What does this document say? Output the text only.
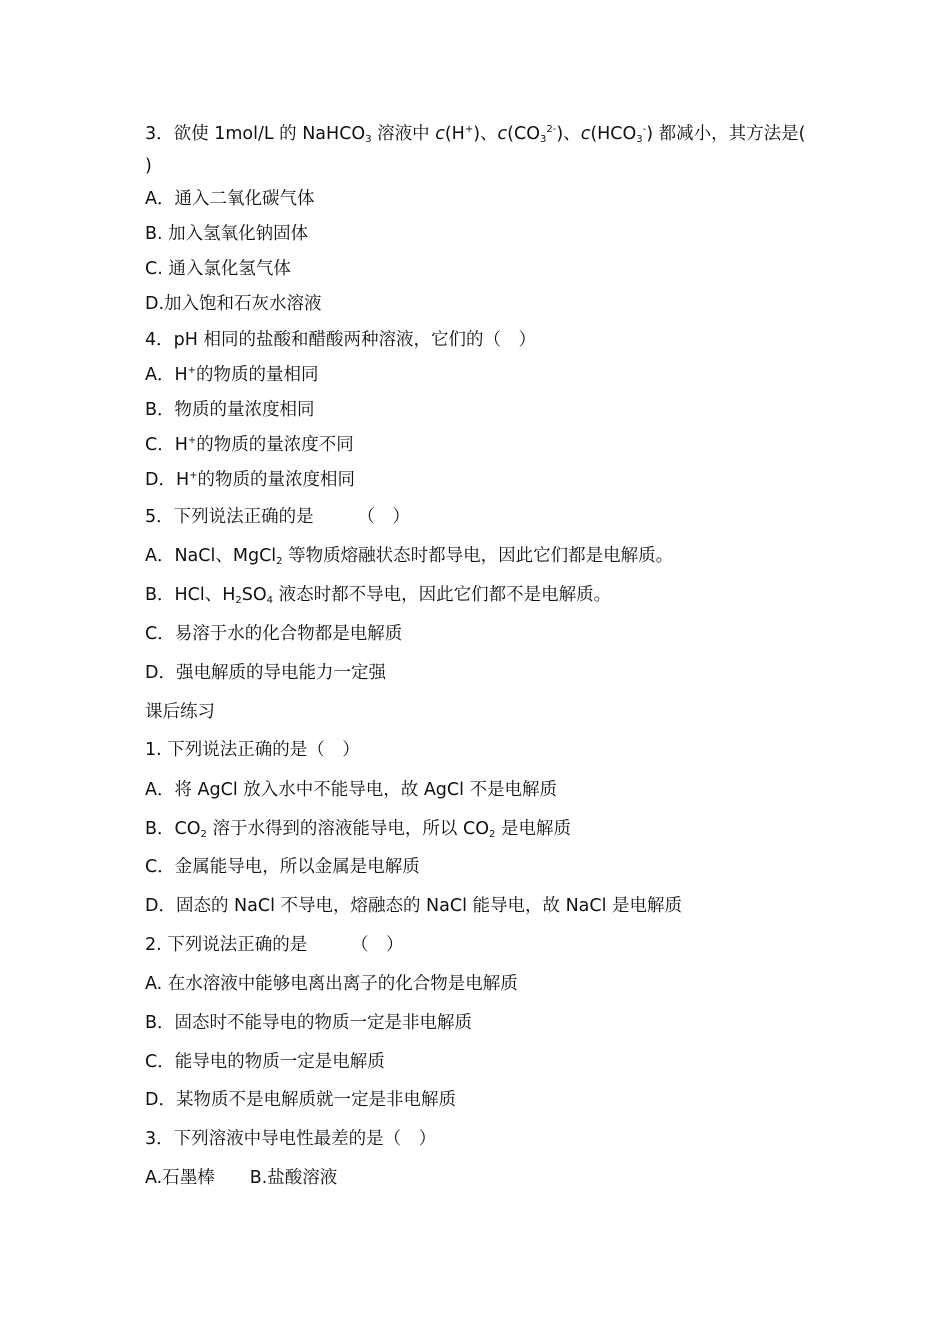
3．欲使 1mol/L 的 NaHCO$_3$ 溶液中 c(H+)、$c(CO_3^{2-})$、$c(HCO_3^-)$ 都减小，其方法是(
)
A．通入二氧化碳气体
B. 加入氢氧化钠固体
C. 通入氯化氢气体
D.加入饱和石灰水溶液
4．pH 相同的盐酸和醋酸两种溶液，它们的（　）
A．H+的物质的量相同
B．物质的量浓度相同
C．H+的物质的量浓度不同
D．H+的物质的量浓度相同
5．下列说法正确的是　　　（　）
A．NaCl、MgCl$_2$ 等物质熔融状态时都导电，因此它们都是电解质。
B．HCl、$H_2SO_4$ 液态时都不导电，因此它们都不是电解质。
C．易溶于水的化合物都是电解质
D．强电解质的导电能力一定强
课后练习
1. 下列说法正确的是（　）
A．将 AgCl 放入水中不能导电，故 AgCl 不是电解质
B．$CO_2$ 溶于水得到的溶液能导电，所以 $CO_2$ 是电解质
C．金属能导电，所以金属是电解质
D．固态的 NaCl 不导电，熔融态的 NaCl 能导电，故 NaCl 是电解质
2. 下列说法正确的是　　　（　）
A. 在水溶液中能够电离出离子的化合物是电解质
B．固态时不能导电的物质一定是非电解质
C．能导电的物质一定是电解质
D．某物质不是电解质就一定是非电解质
3．下列溶液中导电性最差的是（　）
A.石墨棒　　B.盐酸溶液
